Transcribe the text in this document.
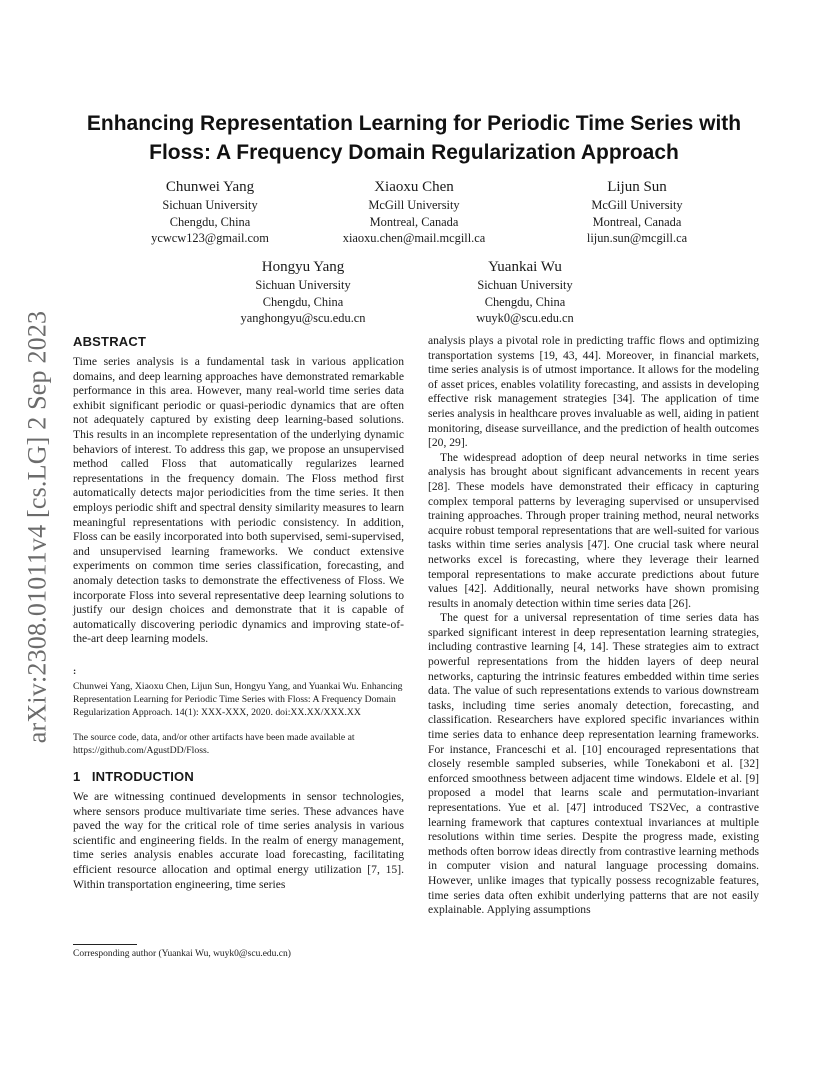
arXiv:2308.01011v4 [cs.LG] 2 Sep 2023
Enhancing Representation Learning for Periodic Time Series with Floss: A Frequency Domain Regularization Approach
Chunwei Yang
Sichuan University
Chengdu, China
ycwcw123@gmail.com
Xiaoxu Chen
McGill University
Montreal, Canada
xiaoxu.chen@mail.mcgill.ca
Lijun Sun
McGill University
Montreal, Canada
lijun.sun@mcgill.ca
Hongyu Yang
Sichuan University
Chengdu, China
yanghongyu@scu.edu.cn
Yuankai Wu
Sichuan University
Chengdu, China
wuyk0@scu.edu.cn
ABSTRACT

Time series analysis is a fundamental task in various application domains, and deep learning approaches have demonstrated remarkable performance in this area. However, many real-world time series data exhibit significant periodic or quasi-periodic dynamics that are often not adequately captured by existing deep learning-based solutions. This results in an incomplete representation of the underlying dynamic behaviors of interest. To address this gap, we propose an unsupervised method called Floss that automatically regularizes learned representations in the frequency domain. The Floss method first automatically detects major periodicities from the time series. It then employs periodic shift and spectral density similarity measures to learn meaningful representations with periodic consistency. In addition, Floss can be easily incorporated into both supervised, semi-supervised, and unsupervised learning frameworks. We conduct extensive experiments on common time series classification, forecasting, and anomaly detection tasks to demonstrate the effectiveness of Floss. We incorporate Floss into several representative deep learning solutions to justify our design choices and demonstrate that it is capable of automatically discovering periodic dynamics and improving state-of-the-art deep learning models.

:
Chunwei Yang, Xiaoxu Chen, Lijun Sun, Hongyu Yang, and Yuankai Wu. Enhancing Representation Learning for Periodic Time Series with Floss: A Frequency Domain Regularization Approach. 14(1): XXX-XXX, 2020. doi:XX.XX/XXX.XX
The source code, data, and/or other artifacts have been made available at https://github.com/AgustDD/Floss.
1 INTRODUCTION

We are witnessing continued developments in sensor technologies, where sensors produce multivariate time series. These advances have paved the way for the critical role of time series analysis in various scientific and engineering fields. In the realm of energy management, time series analysis enables accurate load forecasting, facilitating efficient resource allocation and optimal energy utilization [7, 15]. Within transportation engineering, time series

analysis plays a pivotal role in predicting traffic flows and optimizing transportation systems [19, 43, 44]. Moreover, in financial markets, time series analysis is of utmost importance. It allows for the modeling of asset prices, enables volatility forecasting, and assists in developing effective risk management strategies [34]. The application of time series analysis in healthcare proves invaluable as well, aiding in patient monitoring, disease surveillance, and the prediction of health outcomes [20, 29].

The widespread adoption of deep neural networks in time series analysis has brought about significant advancements in recent years [28]. These models have demonstrated their efficacy in capturing complex temporal patterns by leveraging supervised or unsupervised training approaches. Through proper training method, neural networks acquire robust temporal representations that are well-suited for various tasks within time series analysis [47]. One crucial task where neural networks excel is forecasting, where they leverage their learned temporal representations to make accurate predictions about future values [42]. Additionally, neural networks have shown promising results in anomaly detection within time series data [26].

The quest for a universal representation of time series data has sparked significant interest in deep representation learning strategies, including contrastive learning [4, 14]. These strategies aim to extract powerful representations from the hidden layers of deep neural networks, capturing the intrinsic features embedded within time series data. The value of such representations extends to various downstream tasks, including time series anomaly detection, forecasting, and classification. Researchers have explored specific invariances within time series data to enhance deep representation learning frameworks. For instance, Franceschi et al. [10] encouraged representations that closely resemble sampled subseries, while Tonekaboni et al. [32] enforced smoothness between adjacent time windows. Eldele et al. [9] proposed a model that learns scale and permutation-invariant representations. Yue et al. [47] introduced TS2Vec, a contrastive learning framework that captures contextual invariances at multiple resolutions within time series. Despite the progress made, existing methods often borrow ideas directly from contrastive learning methods in computer vision and natural language processing domains. However, unlike images that typically possess recognizable features, time series data often exhibit underlying patterns that are not easily explainable. Applying assumptions

Corresponding author (Yuankai Wu, wuyk0@scu.edu.cn)
